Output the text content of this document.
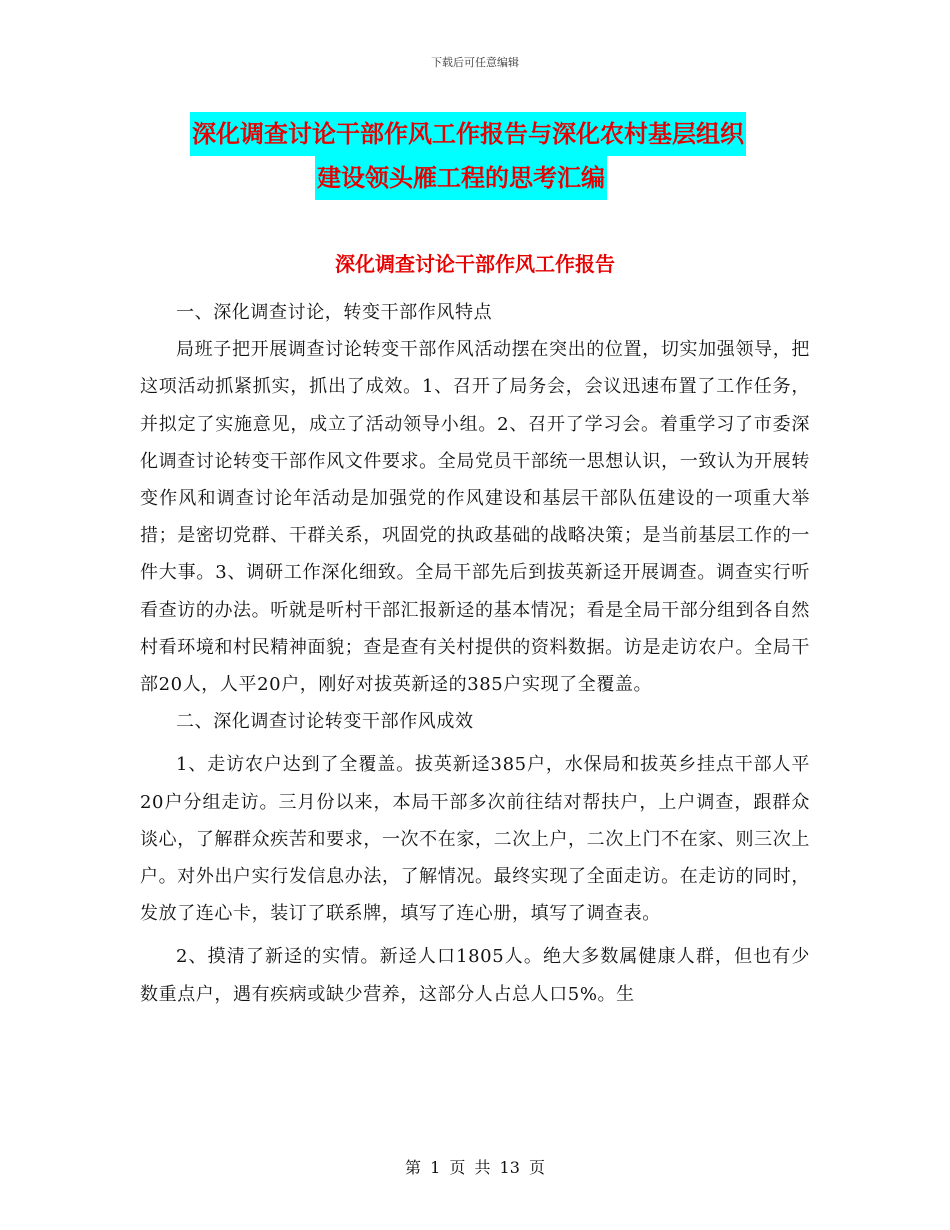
下载后可任意编辑
深化调查讨论干部作风工作报告与深化农村基层组织
建设领头雁工程的思考汇编
深化调查讨论干部作风工作报告

一、深化调查讨论，转变干部作风特点

局班子把开展调查讨论转变干部作风活动摆在突出的位置，切实加强领导，把这项活动抓紧抓实，抓出了成效。1、召开了局务会，会议迅速布置了工作任务，并拟定了实施意见，成立了活动领导小组。2、召开了学习会。着重学习了市委深化调查讨论转变干部作风文件要求。全局党员干部统一思想认识，一致认为开展转变作风和调查讨论年活动是加强党的作风建设和基层干部队伍建设的一项重大举措；是密切党群、干群关系，巩固党的执政基础的战略决策；是当前基层工作的一件大事。3、调研工作深化细致。全局干部先后到拔英新迳开展调查。调查实行听看查访的办法。听就是听村干部汇报新迳的基本情况；看是全局干部分组到各自然村看环境和村民精神面貌；查是查有关村提供的资料数据。访是走访农户。全局干部20人，人平20户，刚好对拔英新迳的385户实现了全覆盖。

二、深化调查讨论转变干部作风成效

1、走访农户达到了全覆盖。拔英新迳385户，水保局和拔英乡挂点干部人平20户分组走访。三月份以来，本局干部多次前往结对帮扶户，上户调查，跟群众谈心，了解群众疾苦和要求，一次不在家，二次上户，二次上门不在家、则三次上户。对外出户实行发信息办法，了解情况。最终实现了全面走访。在走访的同时，发放了连心卡，装订了联系牌，填写了连心册，填写了调查表。

2、摸清了新迳的实情。新迳人口1805人。绝大多数属健康人群，但也有少数重点户，遇有疾病或缺少营养，这部分人占总人口5%。生

第 1 页 共 13 页
